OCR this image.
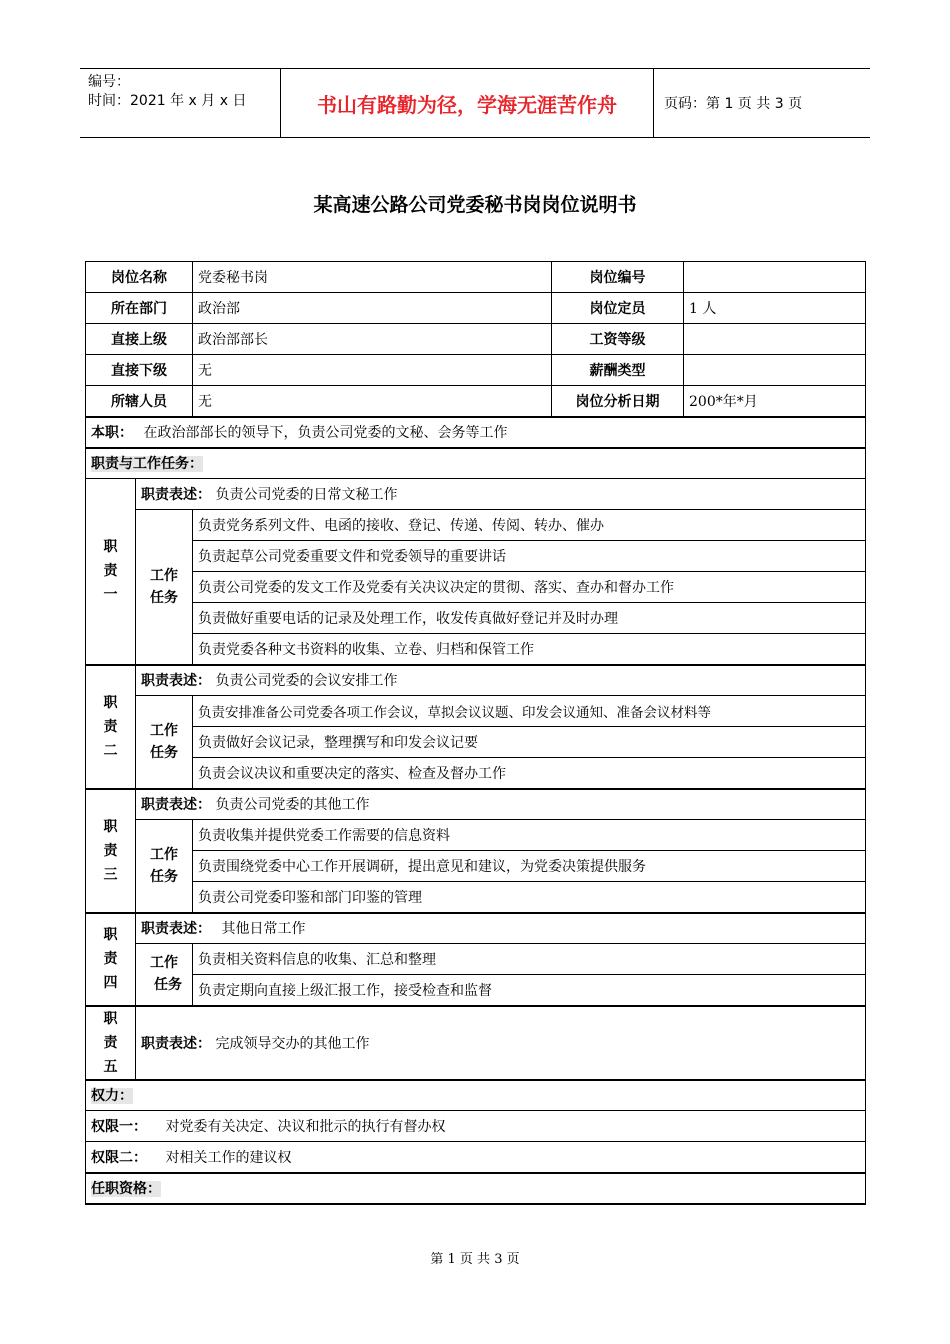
编号：
时间：2021 年 x 月 x 日	书山有路勤为径，学海无涯苦作舟	页码：第 1 页 共 3 页
某高速公路公司党委秘书岗岗位说明书
岗位名称		党委秘书岗	岗位编号	
所在部门		政治部	岗位定员	1 人
直接上级		政治部部长	工资等级	
直接下级		无	薪酬类型	
所辖人员		无	岗位分析日期	200*年*月
本职： 在政治部部长的领导下，负责公司党委的文秘、会务等工作				
职责与工作任务：				

职
责
一	职责表述： 负责公司党委的日常文秘工作			

	工作
任务	负责党务系列文件、电函的接收、登记、传递、传阅、转办、催办		
		负责起草公司党委重要文件和党委领导的重要讲话		
		负责公司党委的发文工作及党委有关决议决定的贯彻、落实、查办和督办工作		
		负责做好重要电话的记录及处理工作，收发传真做好登记并及时办理		
		负责党委各种文书资料的收集、立卷、归档和保管工作		

职
责
二	职责表述： 负责公司党委的会议安排工作			

	工作
任务	负责安排准备公司党委各项工作会议，草拟会议议题、印发会议通知、准备会议材料等		
		负责做好会议记录，整理撰写和印发会议记要		
		负责会议决议和重要决定的落实、检查及督办工作		

职
责
三	职责表述： 负责公司党委的其他工作			

	工作
任务	负责收集并提供党委工作需要的信息资料		
		负责围绕党委中心工作开展调研，提出意见和建议，为党委决策提供服务		
		负责公司党委印鉴和部门印鉴的管理		

职
责
四	职责表述： 其他日常工作			

	工作
任务	负责相关资料信息的收集、汇总和整理		
		负责定期向直接上级汇报工作，接受检查和监督		

职
责
五	职责表述： 完成领导交办的其他工作			
权力：				
权限一： 对党委有关决定、决议和批示的执行有督办权				
权限二： 对相关工作的建议权				
任职资格：				
第 1 页 共 3 页
